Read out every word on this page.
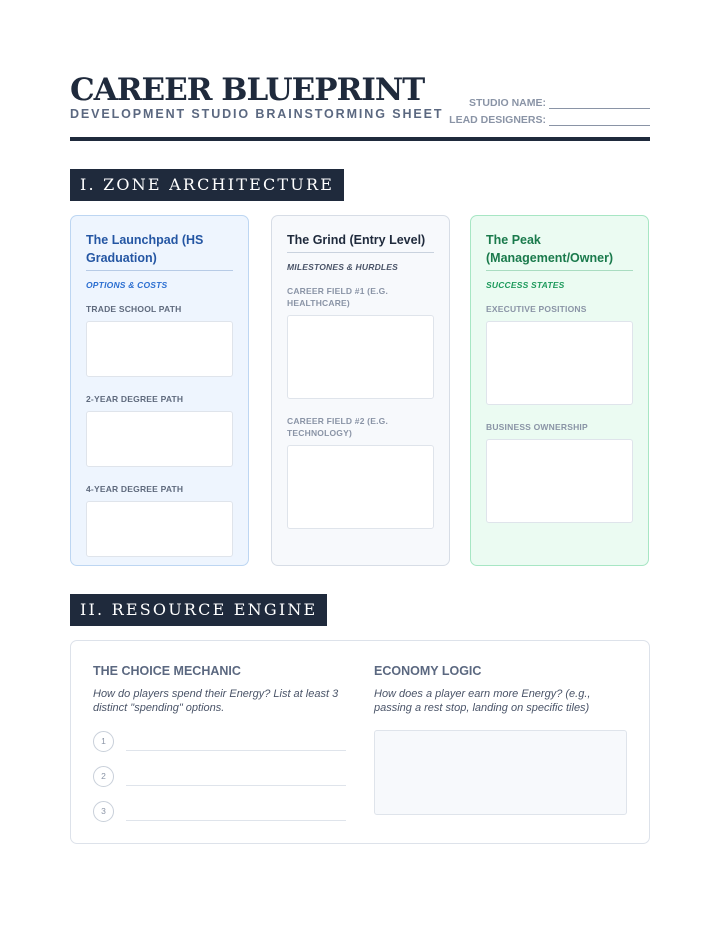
CAREER BLUEPRINT
DEVELOPMENT STUDIO BRAINSTORMING SHEET
STUDIO NAME:
LEAD DESIGNERS:
I. ZONE ARCHITECTURE
The Launchpad (HS Graduation)
OPTIONS & COSTS
TRADE SCHOOL PATH
2-YEAR DEGREE PATH
4-YEAR DEGREE PATH
The Grind (Entry Level)
MILESTONES & HURDLES
CAREER FIELD #1 (E.G. HEALTHCARE)
CAREER FIELD #2 (E.G. TECHNOLOGY)
The Peak (Management/Owner)
SUCCESS STATES
EXECUTIVE POSITIONS
BUSINESS OWNERSHIP
II. RESOURCE ENGINE
THE CHOICE MECHANIC
How do players spend their Energy? List at least 3 distinct "spending" options.
1
2
3
ECONOMY LOGIC
How does a player earn more Energy? (e.g., passing a rest stop, landing on specific tiles)
